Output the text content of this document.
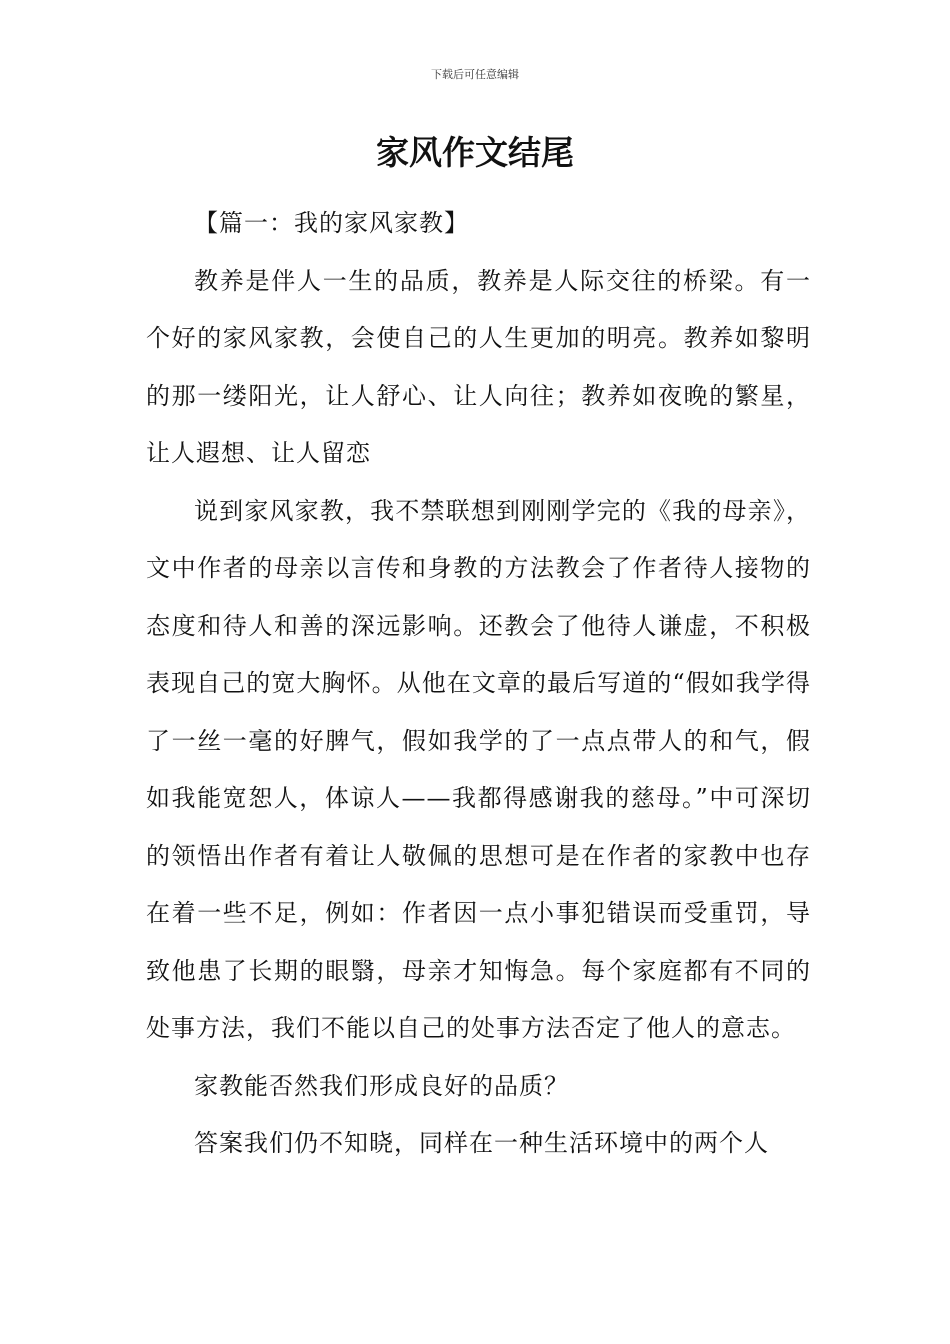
下载后可任意编辑
家风作文结尾

【篇一：我的家风家教】

教养是伴人一生的品质，教养是人际交往的桥梁。有一个好的家风家教，会使自己的人生更加的明亮。教养如黎明的那一缕阳光，让人舒心、让人向往；教养如夜晚的繁星，让人遐想、让人留恋

说到家风家教，我不禁联想到刚刚学完的《我的母亲》，文中作者的母亲以言传和身教的方法教会了作者待人接物的态度和待人和善的深远影响。还教会了他待人谦虚，不积极表现自己的宽大胸怀。从他在文章的最后写道的“假如我学得了一丝一毫的好脾气，假如我学的了一点点带人的和气，假如我能宽恕人，体谅人——我都得感谢我的慈母。”中可深切的领悟出作者有着让人敬佩的思想可是在作者的家教中也存在着一些不足，例如：作者因一点小事犯错误而受重罚，导致他患了长期的眼翳，母亲才知悔急。每个家庭都有不同的处事方法，我们不能以自己的处事方法否定了他人的意志。

家教能否然我们形成良好的品质？

答案我们仍不知晓，同样在一种生活环境中的两个人
